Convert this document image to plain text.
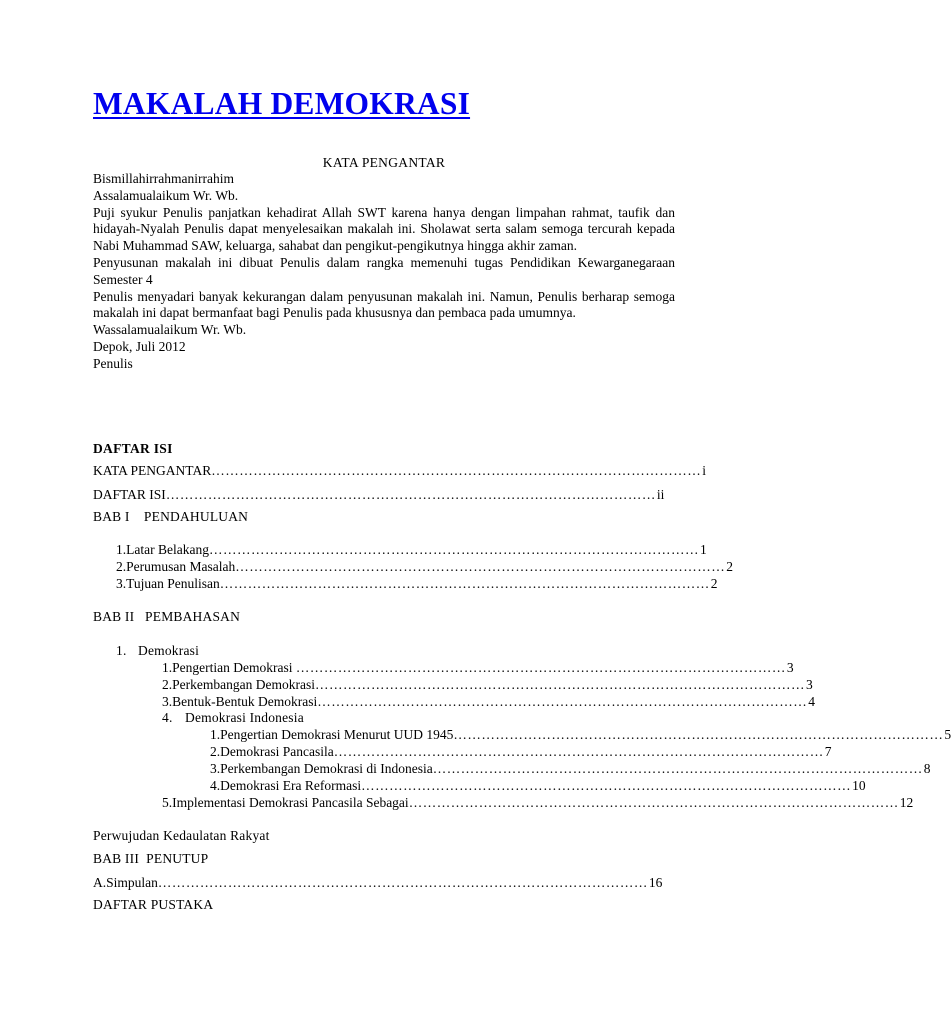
MAKALAH DEMOKRASI
KATA PENGANTAR

Bismillahirrahmanirrahim

Assalamualaikum Wr. Wb.

Puji syukur Penulis panjatkan kehadirat Allah SWT karena hanya dengan limpahan rahmat, taufik dan hidayah-Nyalah Penulis dapat menyelesaikan makalah ini. Sholawat serta salam semoga tercurah kepada Nabi Muhammad SAW, keluarga, sahabat dan pengikut-pengikutnya hingga akhir zaman.

Penyusunan makalah ini dibuat Penulis dalam rangka memenuhi tugas Pendidikan Kewarganegaraan Semester 4

Penulis menyadari banyak kekurangan dalam penyusunan makalah ini. Namun, Penulis berharap semoga makalah ini dapat bermanfaat bagi Penulis pada khususnya dan pembaca pada umumnya.

Wassalamualaikum Wr. Wb.

Depok, Juli 2012

Penulis

DAFTAR ISI
KATA PENGANTAR …………………………………………………………………………………………… i
DAFTAR ISI …………………………………………………………………………………………… ii
BAB I    PENDAHULUAN
1. Latar Belakang …………………………………………………………………………………………… 1
2. Perumusan Masalah …………………………………………………………………………………………… 2
3. Tujuan Penulisan …………………………………………………………………………………………… 2
BAB II   PEMBAHASAN
1. Demokrasi
1. Pengertian Demokrasi …………………………………………………………………………………………… 3
2. Perkembangan Demokrasi …………………………………………………………………………………………… 3
3. Bentuk-Bentuk Demokrasi …………………………………………………………………………………………… 4
4. Demokrasi Indonesia
1. Pengertian Demokrasi Menurut UUD 1945 …………………………………………………………………………………………… 5
2. Demokrasi Pancasila …………………………………………………………………………………………… 7
3. Perkembangan Demokrasi di Indonesia …………………………………………………………………………………………… 8
4. Demokrasi Era Reformasi …………………………………………………………………………………………… 10
5. Implementasi Demokrasi Pancasila Sebagai …………………………………………………………………………………………… 12
Perwujudan Kedaulatan Rakyat
BAB III  PENUTUP
A. Simpulan …………………………………………………………………………………………… 16
DAFTAR PUSTAKA
